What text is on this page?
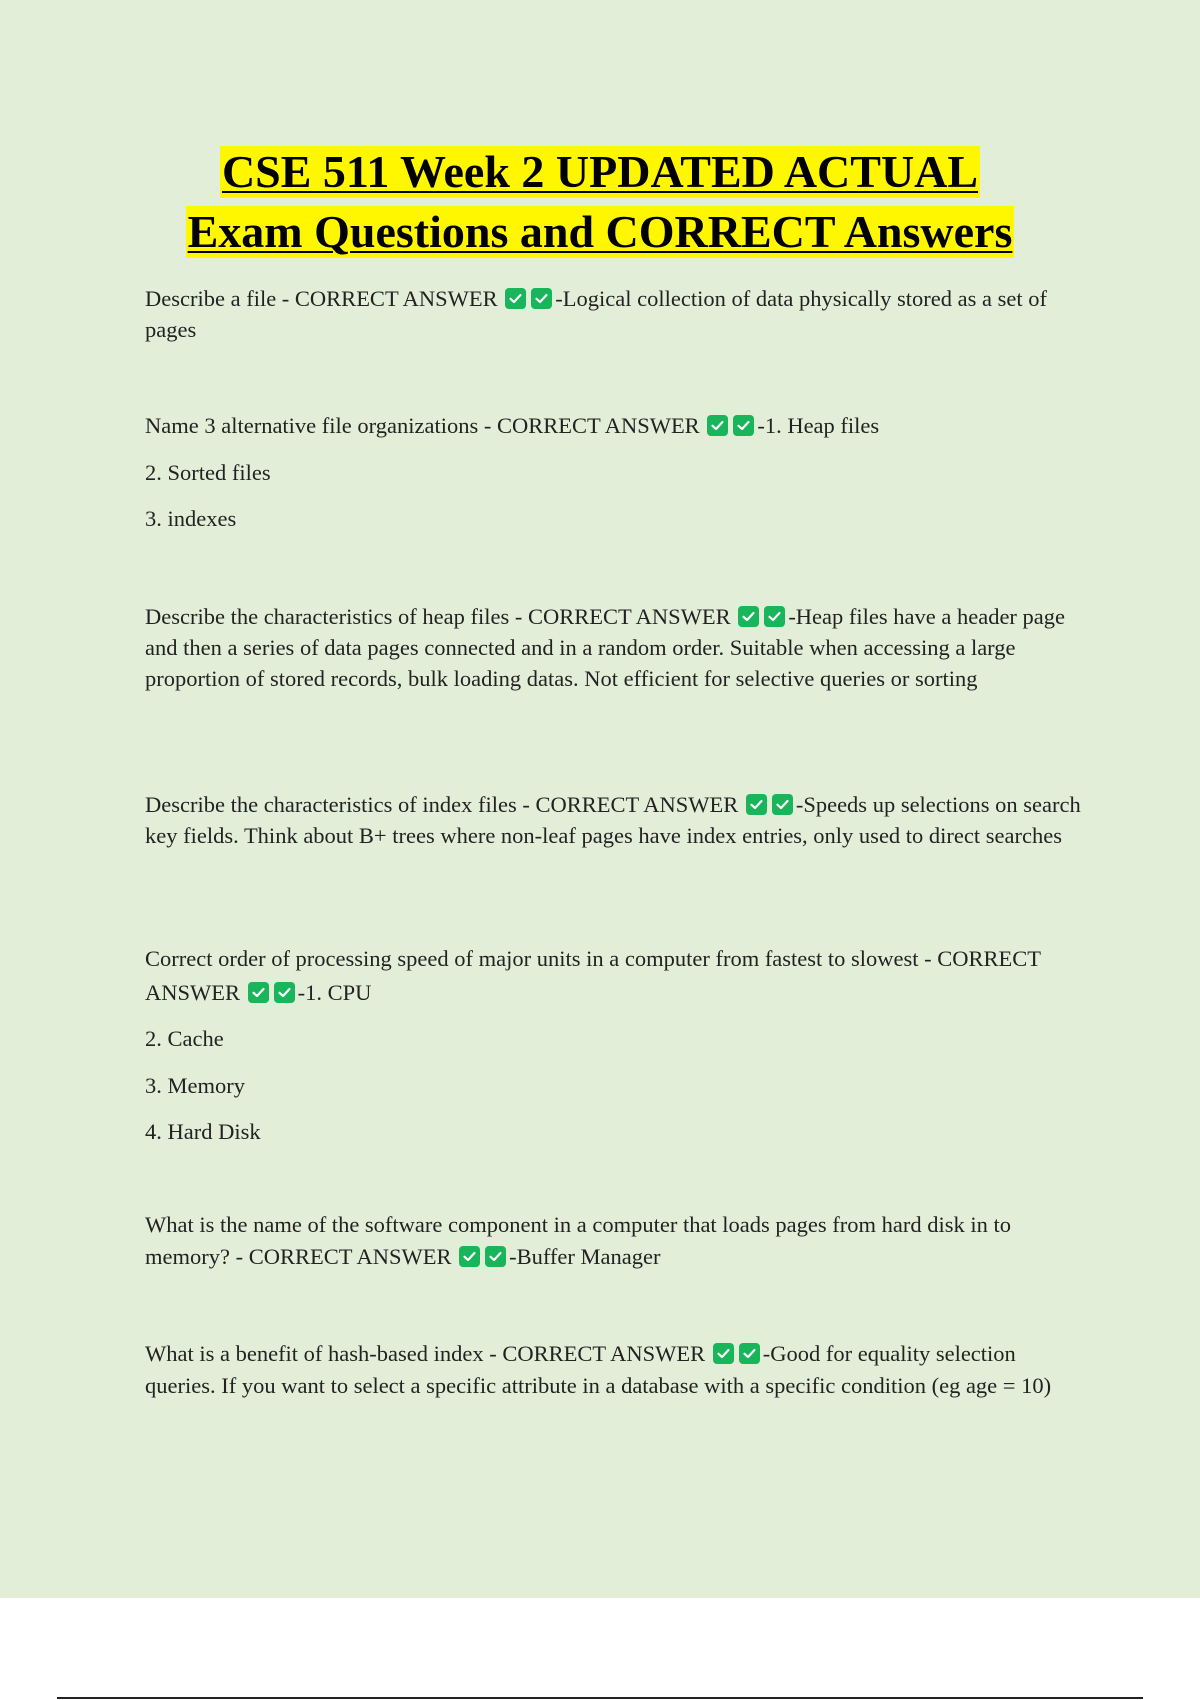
CSE 511 Week 2 UPDATED ACTUAL
Exam Questions and CORRECT Answers

Describe a file - CORRECT ANSWER	-Logical collection of data physically stored as a set of pages

Name 3 alternative file organizations - CORRECT ANSWER	-1. Heap files

2. Sorted files

3. indexes

Describe the characteristics of heap files - CORRECT ANSWER	-Heap files have a header page and then a series of data pages connected and in a random order. Suitable when accessing a large proportion of stored records, bulk loading datas. Not efficient for selective queries or sorting

Describe the characteristics of index files - CORRECT ANSWER	-Speeds up selections on search key fields. Think about B+ trees where non-leaf pages have index entries, only used to direct searches

Correct order of processing speed of major units in a computer from fastest to slowest - CORRECT ANSWER	-1. CPU

2. Cache

3. Memory

4. Hard Disk

What is the name of the software component in a computer that loads pages from hard disk in to memory? - CORRECT ANSWER	-Buffer Manager

What is a benefit of hash-based index - CORRECT ANSWER	-Good for equality selection queries. If you want to select a specific attribute in a database with a specific condition (eg age = 10)
